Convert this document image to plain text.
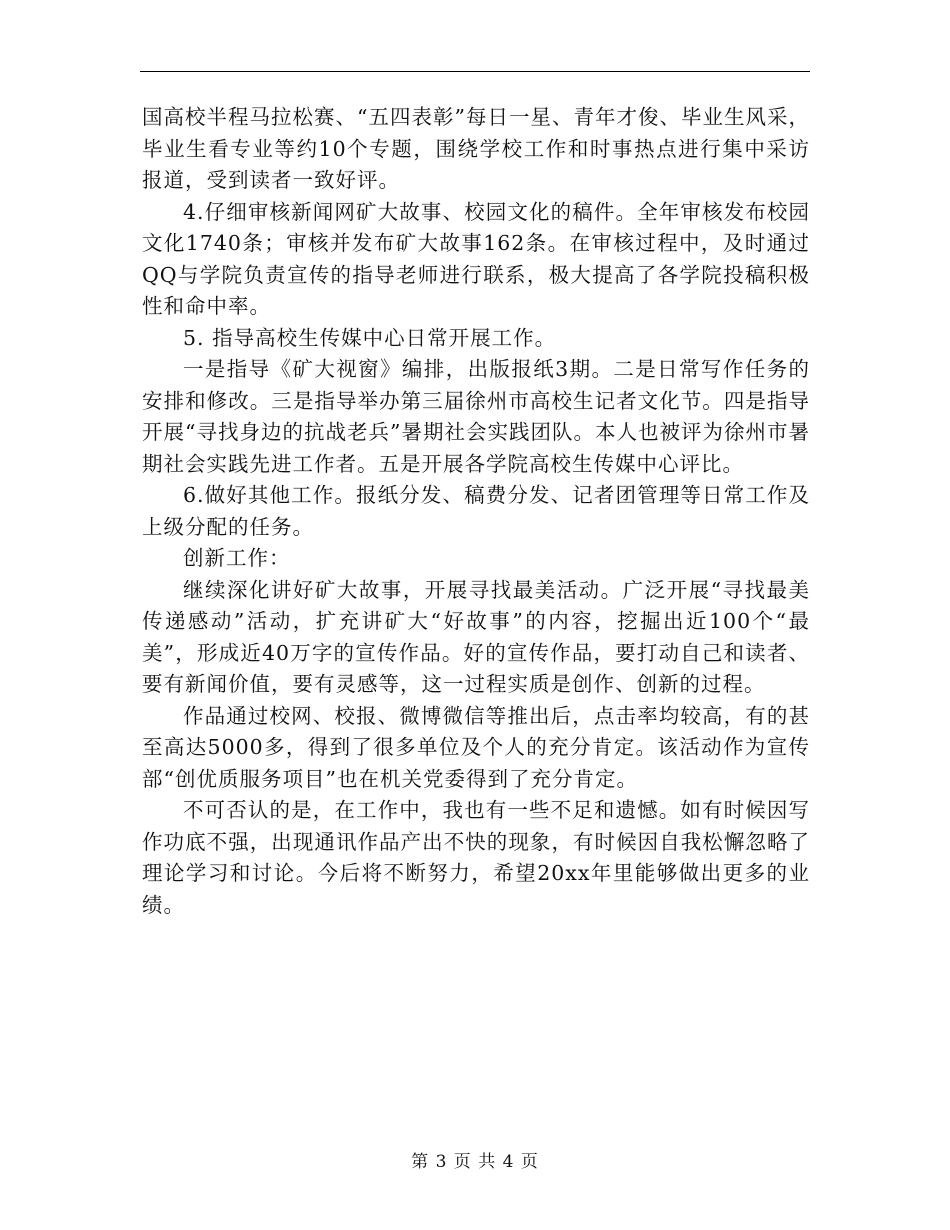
国高校半程马拉松赛、“五四表彰”每日一星、青年才俊、毕业生风采，毕业生看专业等约10个专题，围绕学校工作和时事热点进行集中采访报道，受到读者一致好评。

4.仔细审核新闻网矿大故事、校园文化的稿件。全年审核发布校园文化1740条；审核并发布矿大故事162条。在审核过程中，及时通过QQ与学院负责宣传的指导老师进行联系，极大提高了各学院投稿积极性和命中率。

5. 指导高校生传媒中心日常开展工作。

一是指导《矿大视窗》编排，出版报纸3期。二是日常写作任务的安排和修改。三是指导举办第三届徐州市高校生记者文化节。四是指导开展“寻找身边的抗战老兵”暑期社会实践团队。本人也被评为徐州市暑期社会实践先进工作者。五是开展各学院高校生传媒中心评比。

6.做好其他工作。报纸分发、稿费分发、记者团管理等日常工作及上级分配的任务。

创新工作：

继续深化讲好矿大故事，开展寻找最美活动。广泛开展“寻找最美 传递感动”活动，扩充讲矿大“好故事”的内容，挖掘出近100个“最美”，形成近40万字的宣传作品。好的宣传作品，要打动自己和读者、要有新闻价值，要有灵感等，这一过程实质是创作、创新的过程。

作品通过校网、校报、微博微信等推出后，点击率均较高，有的甚至高达5000多，得到了很多单位及个人的充分肯定。该活动作为宣传部“创优质服务项目”也在机关党委得到了充分肯定。

不可否认的是，在工作中，我也有一些不足和遗憾。如有时候因写作功底不强，出现通讯作品产出不快的现象，有时候因自我松懈忽略了理论学习和讨论。今后将不断努力，希望20xx年里能够做出更多的业绩。

第 3 页 共 4 页
